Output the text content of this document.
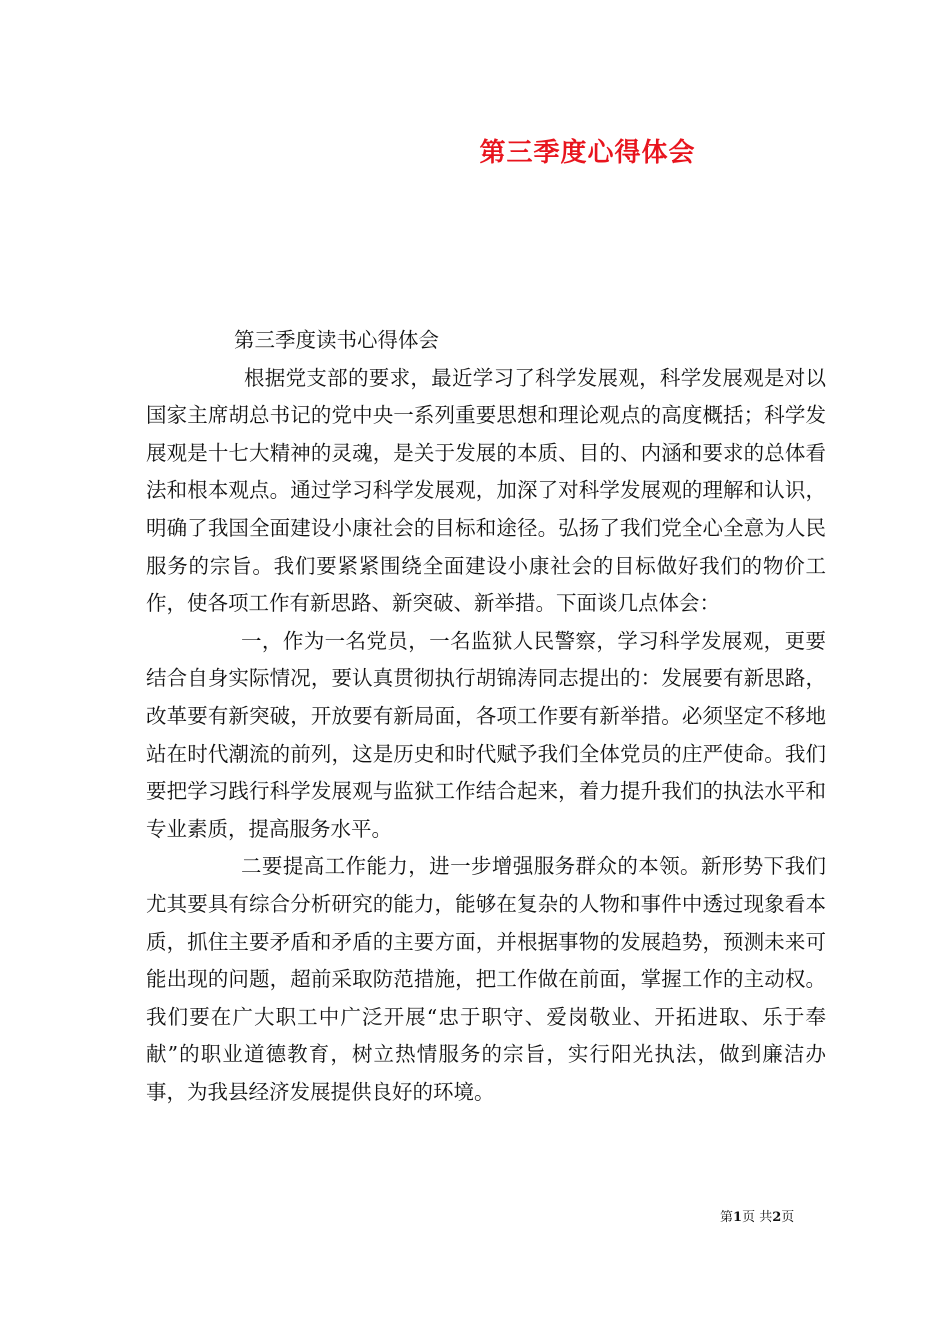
第三季度心得体会

第三季度读书心得体会

根据党支部的要求，最近学习了科学发展观，科学发展观是对以国家主席胡总书记的党中央一系列重要思想和理论观点的高度概括；科学发展观是十七大精神的灵魂，是关于发展的本质、目的、内涵和要求的总体看法和根本观点。通过学习科学发展观，加深了对科学发展观的理解和认识，明确了我国全面建设小康社会的目标和途径。弘扬了我们党全心全意为人民服务的宗旨。我们要紧紧围绕全面建设小康社会的目标做好我们的物价工作，使各项工作有新思路、新突破、新举措。下面谈几点体会：

一，作为一名党员，一名监狱人民警察，学习科学发展观，更要结合自身实际情况，要认真贯彻执行胡锦涛同志提出的：发展要有新思路，改革要有新突破，开放要有新局面，各项工作要有新举措。必须坚定不移地站在时代潮流的前列，这是历史和时代赋予我们全体党员的庄严使命。我们要把学习践行科学发展观与监狱工作结合起来，着力提升我们的执法水平和专业素质，提高服务水平。

二要提高工作能力，进一步增强服务群众的本领。新形势下我们尤其要具有综合分析研究的能力，能够在复杂的人物和事件中透过现象看本质，抓住主要矛盾和矛盾的主要方面，并根据事物的发展趋势，预测未来可能出现的问题，超前采取防范措施，把工作做在前面，掌握工作的主动权。我们要在广大职工中广泛开展“忠于职守、爱岗敬业、开拓进取、乐于奉献”的职业道德教育，树立热情服务的宗旨，实行阳光执法，做到廉洁办事，为我县经济发展提供良好的环境。

第1页 共2页
